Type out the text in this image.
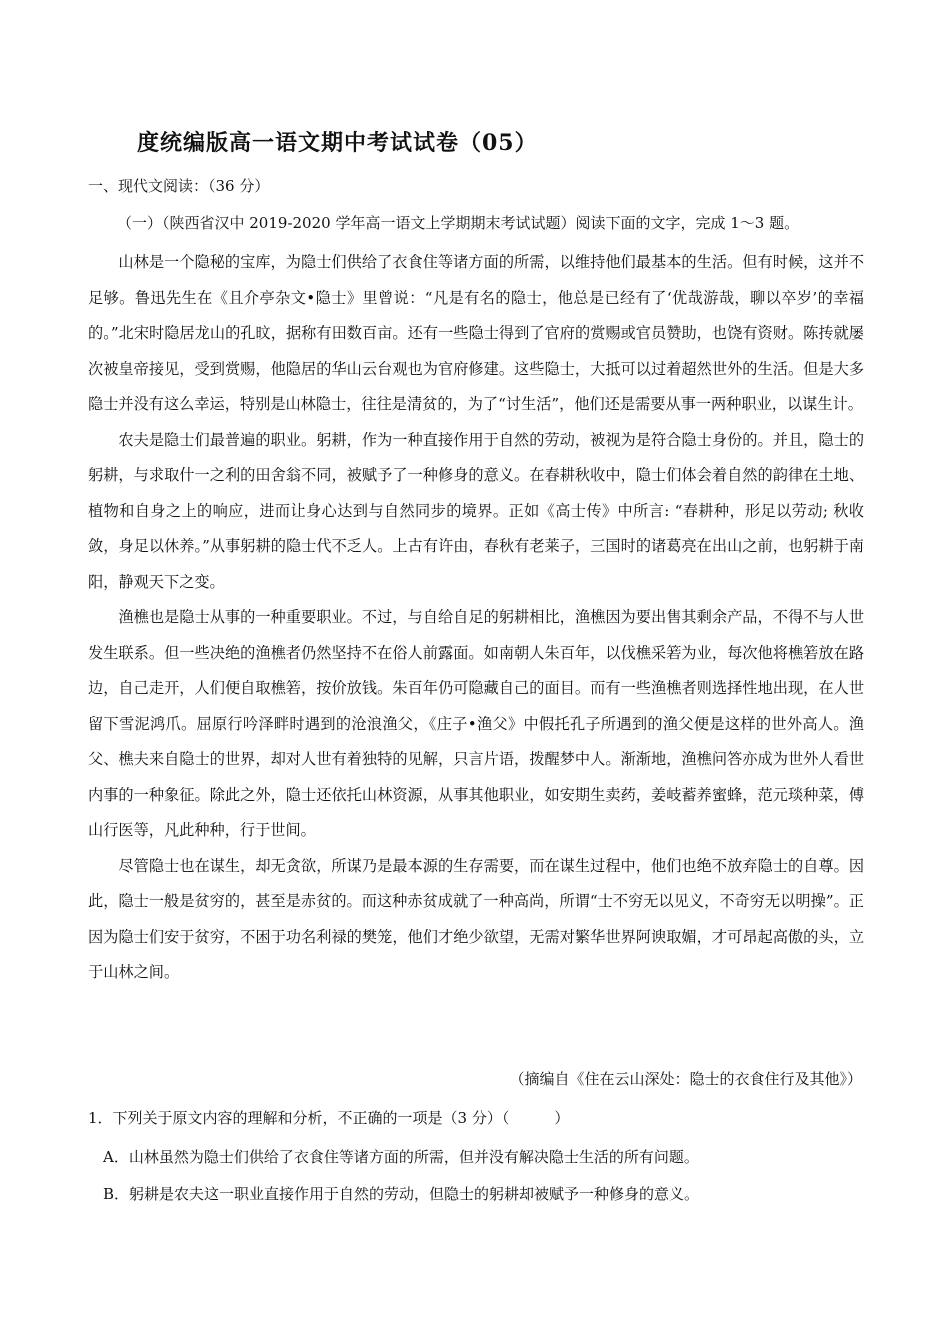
度统编版高一语文期中考试试卷（05）
一、现代文阅读：（36 分）
（一）（陕西省汉中 2019-2020 学年高一语文上学期期末考试试题）阅读下面的文字，完成 1～3 题。

山林是一个隐秘的宝库，为隐士们供给了衣食住等诸方面的所需，以维持他们最基本的生活。但有时候，这并不足够。鲁迅先生在《且介亭杂文•隐士》里曾说：“凡是有名的隐士，他总是已经有了‘优哉游哉，聊以卒岁’的幸福的。”北宋时隐居龙山的孔旼，据称有田数百亩。还有一些隐士得到了官府的赏赐或官员赞助，也饶有资财。陈抟就屡次被皇帝接见，受到赏赐，他隐居的华山云台观也为官府修建。这些隐士，大抵可以过着超然世外的生活。但是大多隐士并没有这么幸运，特别是山林隐士，往往是清贫的，为了“讨生活”，他们还是需要从事一两种职业，以谋生计。

农夫是隐士们最普遍的职业。躬耕，作为一种直接作用于自然的劳动，被视为是符合隐士身份的。并且，隐士的躬耕，与求取什一之利的田舍翁不同，被赋予了一种修身的意义。在春耕秋收中，隐士们体会着自然的韵律在土地、植物和自身之上的响应，进而让身心达到与自然同步的境界。正如《高士传》中所言: “春耕种，形足以劳动; 秋收敛，身足以休养。”从事躬耕的隐士代不乏人。上古有许由，春秋有老莱子，三国时的诸葛亮在出山之前，也躬耕于南阳，静观天下之变。

渔樵也是隐士从事的一种重要职业。不过，与自给自足的躬耕相比，渔樵因为要出售其剩余产品，不得不与人世发生联系。但一些决绝的渔樵者仍然坚持不在俗人前露面。如南朝人朱百年，以伐樵采箬为业，每次他将樵箬放在路边，自己走开，人们便自取樵箬，按价放钱。朱百年仍可隐藏自己的面目。而有一些渔樵者则选择性地出现，在人世留下雪泥鸿爪。屈原行吟泽畔时遇到的沧浪渔父，《庄子•渔父》中假托孔子所遇到的渔父便是这样的世外高人。渔父、樵夫来自隐士的世界，却对人世有着独特的见解，只言片语，拨醒梦中人。渐渐地，渔樵问答亦成为世外人看世内事的一种象征。除此之外，隐士还依托山林资源，从事其他职业，如安期生卖药，姜岐蓄养蜜蜂，范元琰种菜，傅山行医等，凡此种种，行于世间。

尽管隐士也在谋生，却无贪欲，所谋乃是最本源的生存需要，而在谋生过程中，他们也绝不放弃隐士的自尊。因此，隐士一般是贫穷的，甚至是赤贫的。而这种赤贫成就了一种高尚，所谓“士不穷无以见义，不奇穷无以明操”。正因为隐士们安于贫穷，不困于功名利禄的樊笼，他们才绝少欲望，无需对繁华世界阿谀取媚，才可昂起高傲的头，立于山林之间。

（摘编自《住在云山深处：隐士的衣食住行及其他》）
1．下列关于原文内容的理解和分析，不正确的一项是（3 分）（　　　）
A．山林虽然为隐士们供给了衣食住等诸方面的所需，但并没有解决隐士生活的所有问题。
B．躬耕是农夫这一职业直接作用于自然的劳动，但隐士的躬耕却被赋予一种修身的意义。
